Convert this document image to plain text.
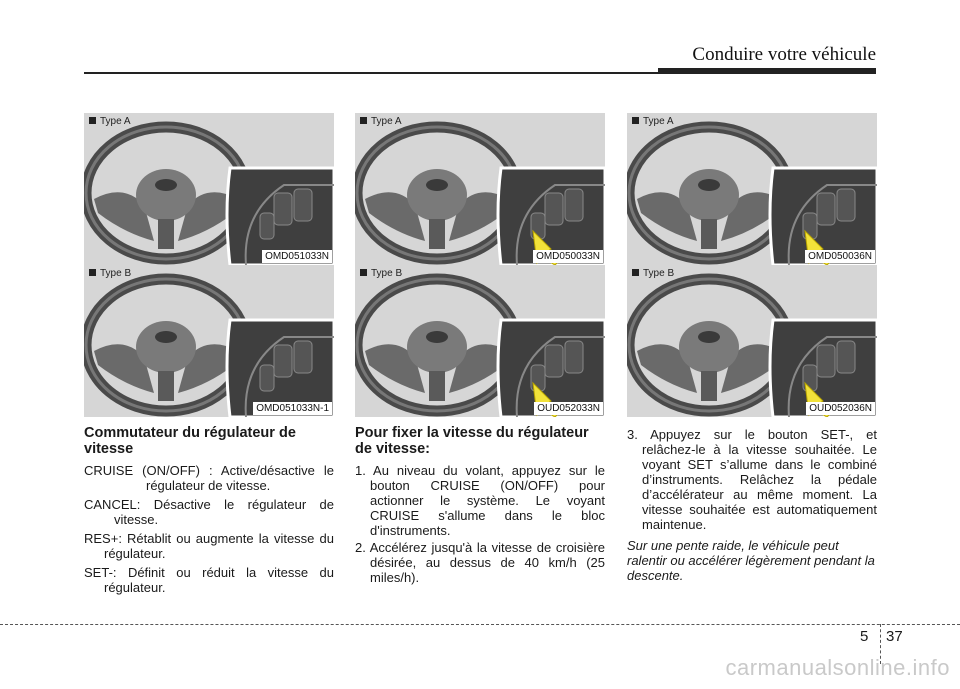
Conduire votre véhicule
Type A
OMD051033N
Type B
OMD051033N-1
Commutateur du régulateur de vitesse

CRUISE (ON/OFF) : Active/désactive le régulateur de vitesse.

CANCEL: Désactive le régulateur de vitesse.

RES+: Rétablit ou augmente la vitesse du régulateur.

SET-: Définit ou réduit la vitesse du régulateur.

Type A
OMD050033N
Type B
OUD052033N
Pour fixer la vitesse du régulateur de vitesse:

1. Au niveau du volant, appuyez sur le bouton CRUISE (ON/OFF) pour actionner le système. Le voyant CRUISE s'allume dans le bloc d'instruments.

2. Accélérez jusqu'à la vitesse de croisière désirée, au dessus de 40 km/h (25 miles/h).

Type A
OMD050036N
Type B
OUD052036N

3. Appuyez sur le bouton SET-, et relâchez-le à la vitesse souhaitée. Le voyant SET s’allume dans le combiné d’instruments. Relâchez la pédale d’accélérateur au même moment. La vitesse souhaitée est automatiquement maintenue.

Sur une pente raide, le véhicule peut ralentir ou accélérer légèrement pendant la descente.

5 37
carmanualsonline.info
